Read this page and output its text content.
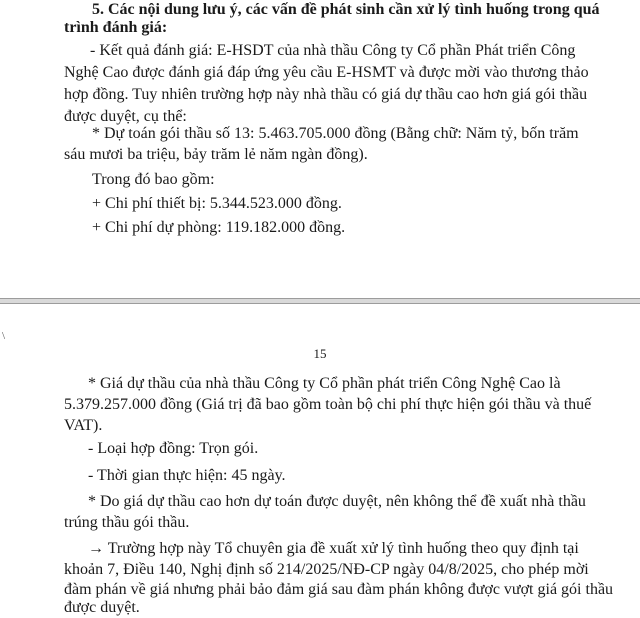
5. Các nội dung lưu ý, các vấn đề phát sinh cần xử lý tình huống trong quá
trình đánh giá:
- Kết quả đánh giá: E-HSDT của nhà thầu Công ty Cổ phần Phát triển Công
Nghệ Cao được đánh giá đáp ứng yêu cầu E-HSMT và được mời vào thương thảo
hợp đồng. Tuy nhiên trường hợp này nhà thầu có giá dự thầu cao hơn giá gói thầu
được duyệt, cụ thể:
* Dự toán gói thầu số 13: 5.463.705.000 đồng (Bằng chữ: Năm tỷ, bốn trăm
sáu mươi ba triệu, bảy trăm lẻ năm ngàn đồng).
Trong đó bao gồm:
+ Chi phí thiết bị: 5.344.523.000 đồng.
+ Chi phí dự phòng: 119.182.000 đồng.
\
15
* Giá dự thầu của nhà thầu Công ty Cổ phần phát triển Công Nghệ Cao là
5.379.257.000 đồng (Giá trị đã bao gồm toàn bộ chi phí thực hiện gói thầu và thuế
VAT).
- Loại hợp đồng: Trọn gói.
- Thời gian thực hiện: 45 ngày.
* Do giá dự thầu cao hơn dự toán được duyệt, nên không thể đề xuất nhà thầu
trúng thầu gói thầu.
→ Trường hợp này Tổ chuyên gia đề xuất xử lý tình huống theo quy định tại
khoản 7, Điều 140, Nghị định số 214/2025/NĐ-CP ngày 04/8/2025, cho phép mời
đàm phán về giá nhưng phải bảo đảm giá sau đàm phán không được vượt giá gói thầu
được duyệt.
